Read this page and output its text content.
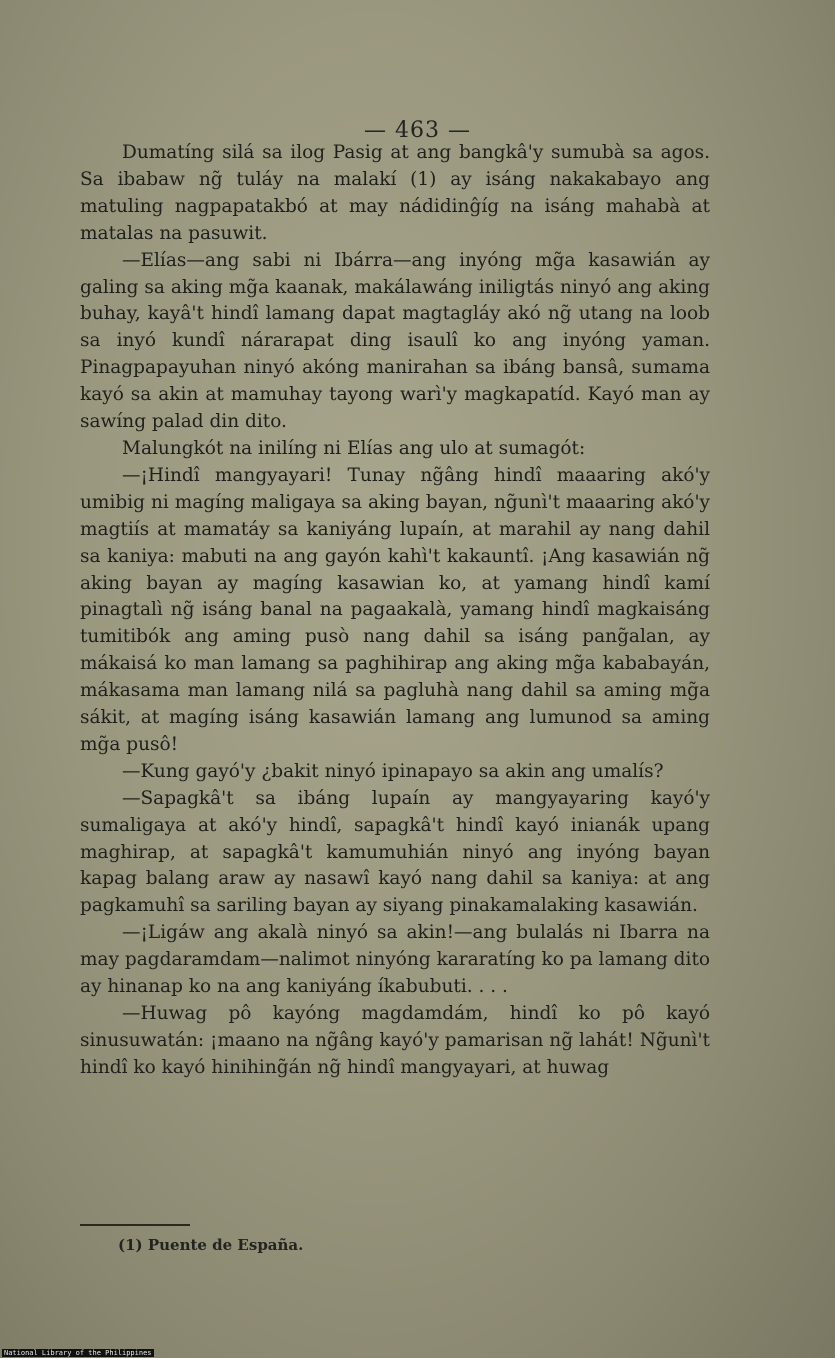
— 463 —

Dumatíng silá sa ilog Pasig at ang bangkâ'y sumubà sa agos. Sa ibabaw ng̃ tuláy na malakí (1) ay isáng nakakabayo ang matuling nagpapatakbó at may nádidinĝíg na isáng mahabà at matalas na pasuwit.

—Elías—ang sabi ni Ibárra—ang inyóng mg̃a kasawián ay galing sa aking mg̃a kaanak, makálawáng iniligtás ninyó ang aking buhay, kayâ't hindî lamang dapat magtagláy akó ng̃ utang na loob sa inyó kundî nárarapat ding isaulî ko ang inyóng yaman. Pinagpapayuhan ninyó akóng manirahan sa ibáng bansâ, sumama kayó sa akin at mamuhay tayong warì'y magkapatíd. Kayó man ay sawíng palad din dito.

Malungkót na inilíng ni Elías ang ulo at sumagót:

—¡Hindî mangyayari! Tunay ng̃âng hindî maaaring akó'y umibig ni magíng maligaya sa aking bayan, ng̃unì't maaaring akó'y magtiís at mamatáy sa kaniyáng lupaín, at marahil ay nang dahil sa kaniya: mabuti na ang gayón kahì't kakauntî. ¡Ang kasawián ng̃ aking bayan ay magíng kasawian ko, at yamang hindî kamí pinagtalì ng̃ isáng banal na pagaakalà, yamang hindî magkaisáng tumitibók ang aming pusò nang dahil sa isáng pang̃alan, ay mákaisá ko man lamang sa paghihirap ang aking mg̃a kababayán, mákasama man lamang nilá sa pagluhà nang dahil sa aming mg̃a sákit, at magíng isáng kasawián lamang ang lumunod sa aming mg̃a pusô!

—Kung gayó'y ¿bakit ninyó ipinapayo sa akin ang umalís?

—Sapagkâ't sa ibáng lupaín ay mangyayaring kayó'y sumaligaya at akó'y hindî, sapagkâ't hindî kayó inianák upang maghirap, at sapagkâ't kamumuhián ninyó ang inyóng bayan kapag balang araw ay nasawî kayó nang dahil sa kaniya: at ang pagkamuhî sa sariling bayan ay siyang pinakamalaking kasawián.

—¡Ligáw ang akalà ninyó sa akin!—ang bulalás ni Ibarra na may pagdaramdam—nalimot ninyóng kararatíng ko pa lamang dito ay hinanap ko na ang kaniyáng íkabubuti. . . .

—Huwag pô kayóng magdamdám, hindî ko pô kayó sinusuwatán: ¡maano na ng̃âng kayó'y pamarisan ng̃ lahát! Ng̃unì't hindî ko kayó hinihing̃án ng̃ hindî mangyayari, at huwag

(1) Puente de España.
National Library of the Philippines
